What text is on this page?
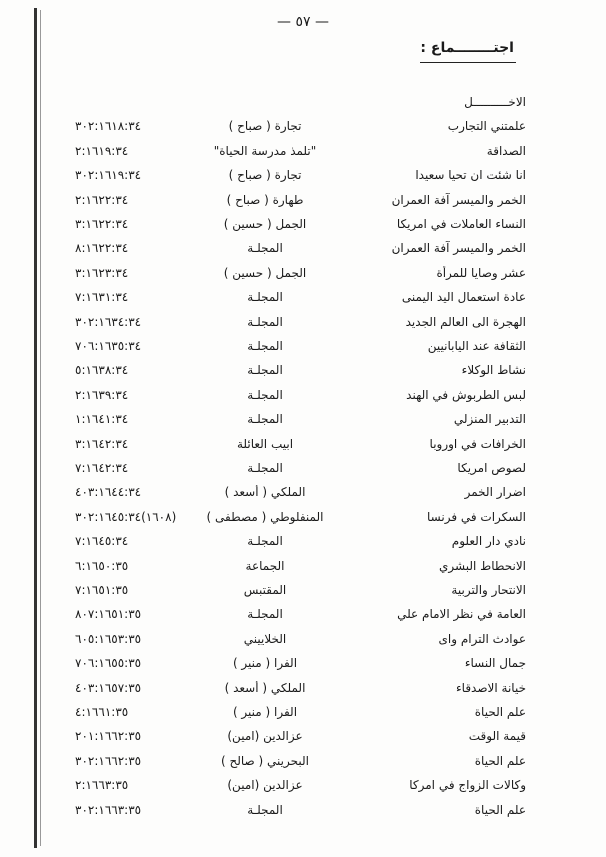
— ٥٧ —
اجتــــــــماع :
الاخــــــــــل
علمتني التجارب
تجارة ( صباح )
٣٠٢:١٦١٨:٣٤
الصداقة
"تلمذ مدرسة الحياة"
٢:١٦١٩:٣٤
انا شئت ان تحيا سعيدا
تجارة ( صباح )
٣٠٢:١٦١٩:٣٤
الخمر والميسر آفة العمران
طهارة ( صباح )
٢:١٦٢٢:٣٤
النساء العاملات في امريكا
الجمل ( حسين )
٣:١٦٢٢:٣٤
الخمر والميسر آفة العمران
المجلـة
٨:١٦٢٢:٣٤
عشر وصايا للمرأة
الجمل ( حسين )
٣:١٦٢٣:٣٤
عادة استعمال اليد اليمنى
المجلـة
٧:١٦٣١:٣٤
الهجرة الى العالم الجديد
المجلـة
٣٠٢:١٦٣٤:٣٤
الثقافة عند اليابانيين
المجلـة
٧٠٦:١٦٣٥:٣٤
نشاط الوكلاء
المجلـة
٥:١٦٣٨:٣٤
لبس الطربوش في الهند
المجلـة
٢:١٦٣٩:٣٤
التدبير المنزلي
المجلـة
١:١٦٤١:٣٤
الخرافات في اوروبا
ابيب العائلة
٣:١٦٤٢:٣٤
لصوص امريكا
المجلـة
٧:١٦٤٢:٣٤
اضرار الخمر
الملكي ( أسعد )
٤٠٣:١٦٤٤:٣٤
السكرات في فرنسا
المنفلوطي ( مصطفى )
(١٦٠٨)٣٠٢:١٦٤٥:٣٤
نادي دار العلوم
المجلـة
٧:١٦٤٥:٣٤
الانحطاط البشري
الجماعة
٦:١٦٥٠:٣٥
الانتحار والتربية
المقتبس
٧:١٦٥١:٣٥
العامة في نظر الامام علي
المجلـة
٨٠٧:١٦٥١:٣٥
عوادث الترام واى
الخلاييني
٦٠٥:١٦٥٣:٣٥
جمال النساء
الفرا ( منير )
٧٠٦:١٦٥٥:٣٥
خيانة الاصدقاء
الملكي ( أسعد )
٤٠٣:١٦٥٧:٣٥
علم الحياة
الفرا ( منير )
٤:١٦٦١:٣٥
قيمة الوقت
عزالدين (امين)
٢٠١:١٦٦٢:٣٥
علم الحياة
البحريني ( صالح )
٣٠٢:١٦٦٢:٣٥
وكالات الزواج في امركا
عزالدين (امين)
٢:١٦٦٣:٣٥
علم الحياة
المجلـة
٣٠٢:١٦٦٣:٣٥
